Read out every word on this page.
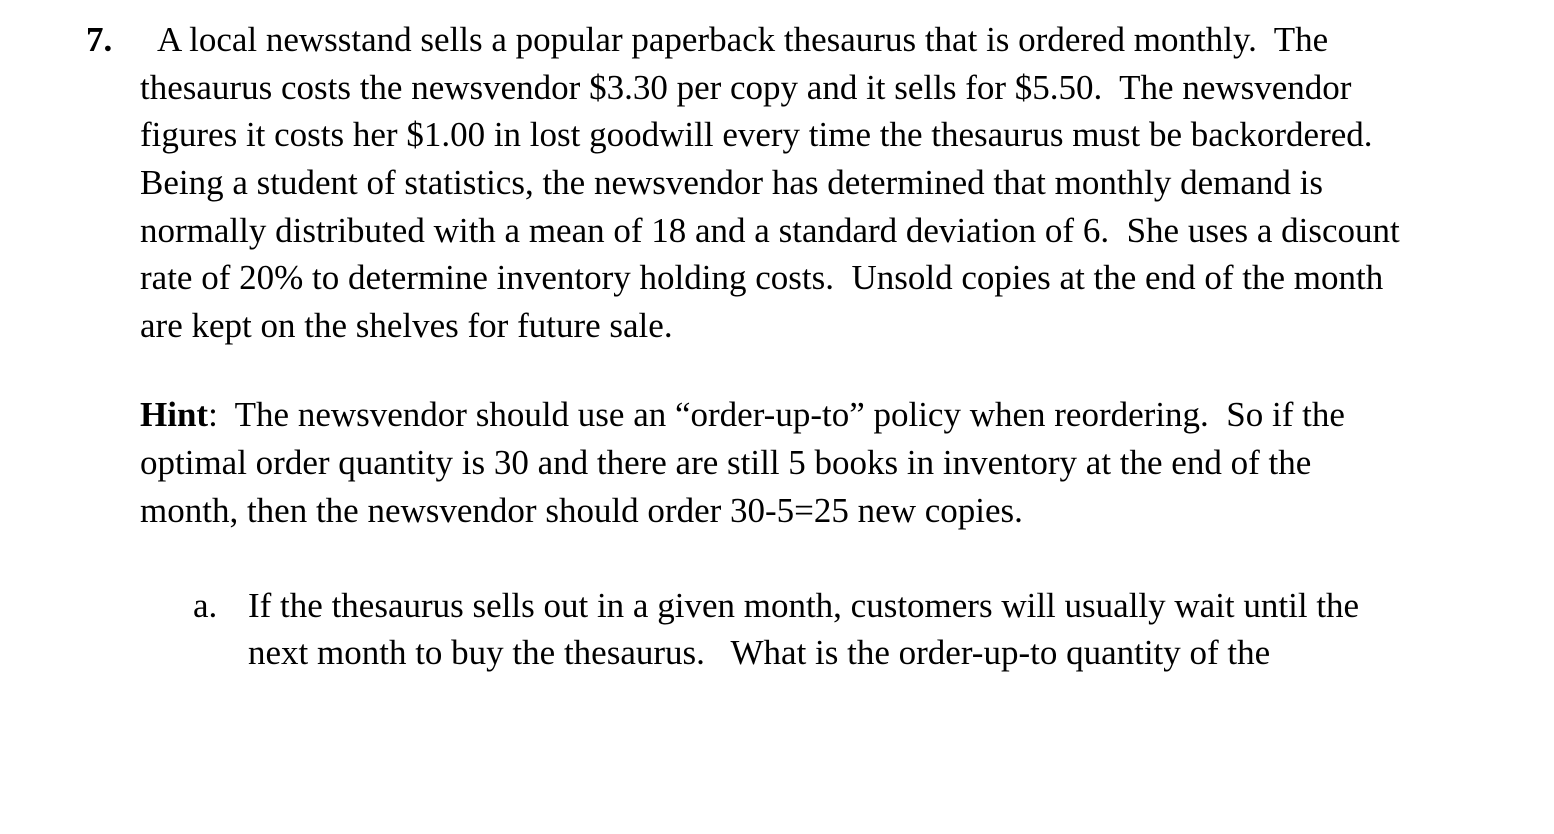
7. A local newsstand sells a popular paperback thesaurus that is ordered monthly.  The
thesaurus costs the newsvendor $3.30 per copy and it sells for $5.50.  The newsvendor
figures it costs her $1.00 in lost goodwill every time the thesaurus must be backordered.
Being a student of statistics, the newsvendor has determined that monthly demand is
normally distributed with a mean of 18 and a standard deviation of 6.  She uses a discount
rate of 20% to determine inventory holding costs.  Unsold copies at the end of the month
are kept on the shelves for future sale.
Hint:  The newsvendor should use an “order-up-to” policy when reordering.  So if the
optimal order quantity is 30 and there are still 5 books in inventory at the end of the
month, then the newsvendor should order 30-5=25 new copies.
a. If the thesaurus sells out in a given month, customers will usually wait until the
next month to buy the thesaurus.   What is the order-up-to quantity of the
